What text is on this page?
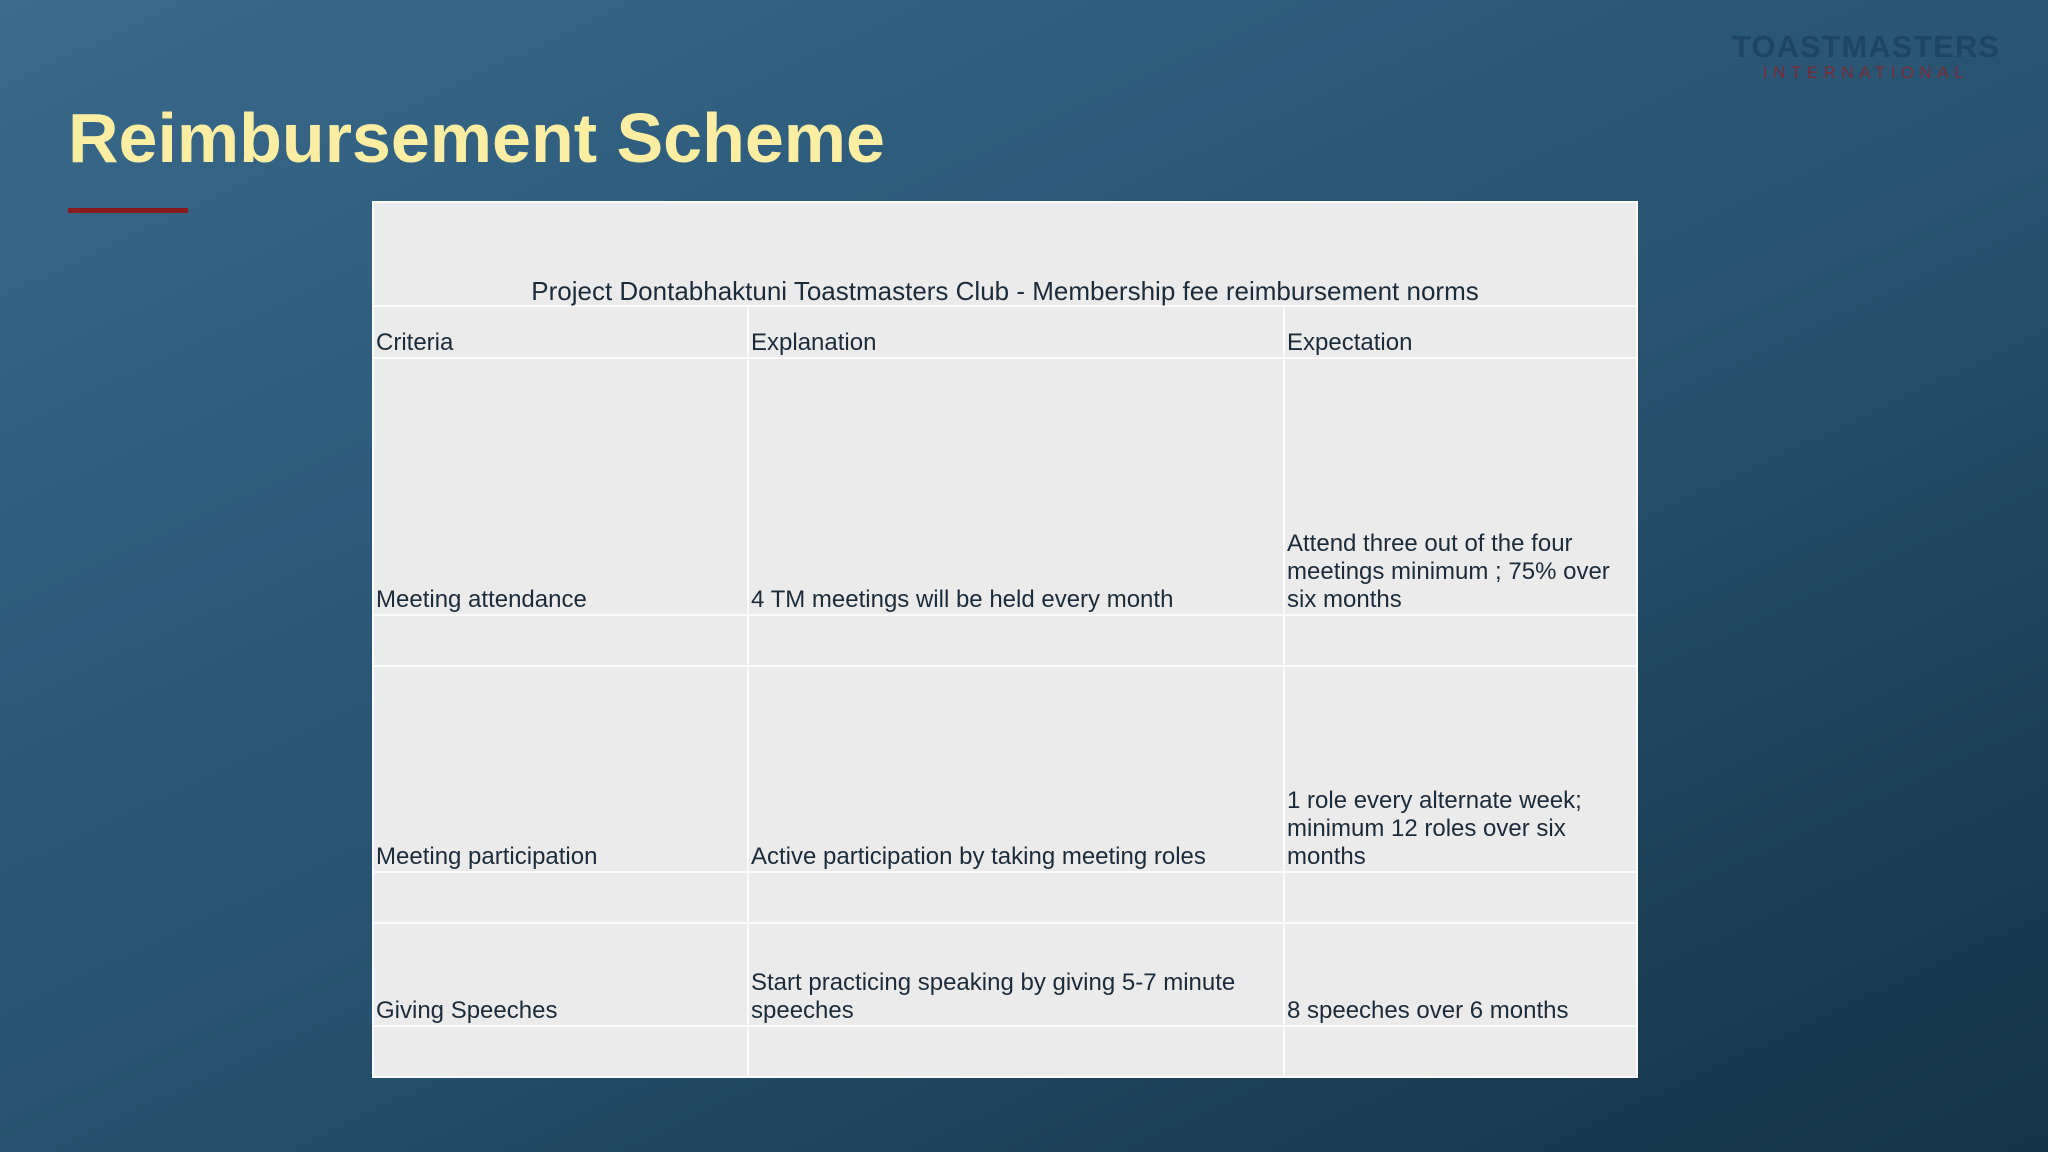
TOASTMASTERS
INTERNATIONAL
Reimbursement Scheme
Project Dontabhaktuni Toastmasters Club - Membership fee reimbursement norms		
Criteria	Explanation	Expectation
Meeting attendance	4 TM meetings will be held every month	Attend three out of the four meetings minimum ; 75% over six months

Meeting participation	Active participation by taking meeting roles	1 role every alternate week; minimum 12 roles over six months

Giving Speeches	Start practicing speaking by giving 5-7 minute speeches	8 speeches over 6 months
